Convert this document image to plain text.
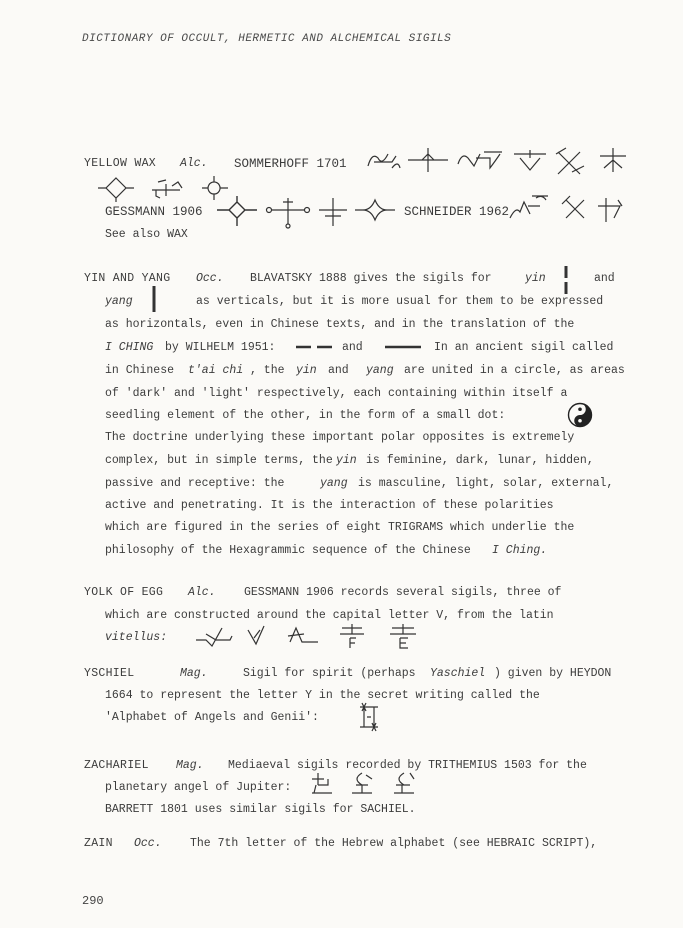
DICTIONARY OF OCCULT, HERMETIC AND ALCHEMICAL SIGILS
YELLOW WAX Alc. SOMMERHOFF 1701
GESSMANN 1906	SCHNEIDER 1962
See also WAX
YIN AND YANG Occ. BLAVATSKY 1888 gives the sigils for	yin	and
yang	as verticals, but it is more usual for them to be expressed
as horizontals, even in Chinese texts, and in the translation of the
I CHING by WILHELM 1951:	and	In an ancient sigil called
in Chinese t'ai chi , the yin and yang are united in a circle, as areas
of 'dark' and 'light' respectively, each containing within itself a
seedling element of the other, in the form of a small dot:
The doctrine underlying these important polar opposites is extremely
complex, but in simple terms, the yin is feminine, dark, lunar, hidden,
passive and receptive: the	yang is masculine, light, solar, external,
active and penetrating. It is the interaction of these polarities
which are figured in the series of eight TRIGRAMS which underlie the
philosophy of the Hexagrammic sequence of the Chinese I Ching.
YOLK OF EGG Alc. GESSMANN 1906 records several sigils, three of
which are constructed around the capital letter V, from the latin
vitellus:
YSCHIEL	Mag.	Sigil for spirit (perhaps Yaschiel ) given by HEYDON
1664 to represent the letter Y in the secret writing called the
'Alphabet of Angels and Genii':
ZACHARIEL Mag. Mediaeval sigils recorded by TRITHEMIUS 1503 for the
planetary angel of Jupiter:
BARRETT 1801 uses similar sigils for SACHIEL.
ZAIN Occ. The 7th letter of the Hebrew alphabet (see HEBRAIC SCRIPT),
290
